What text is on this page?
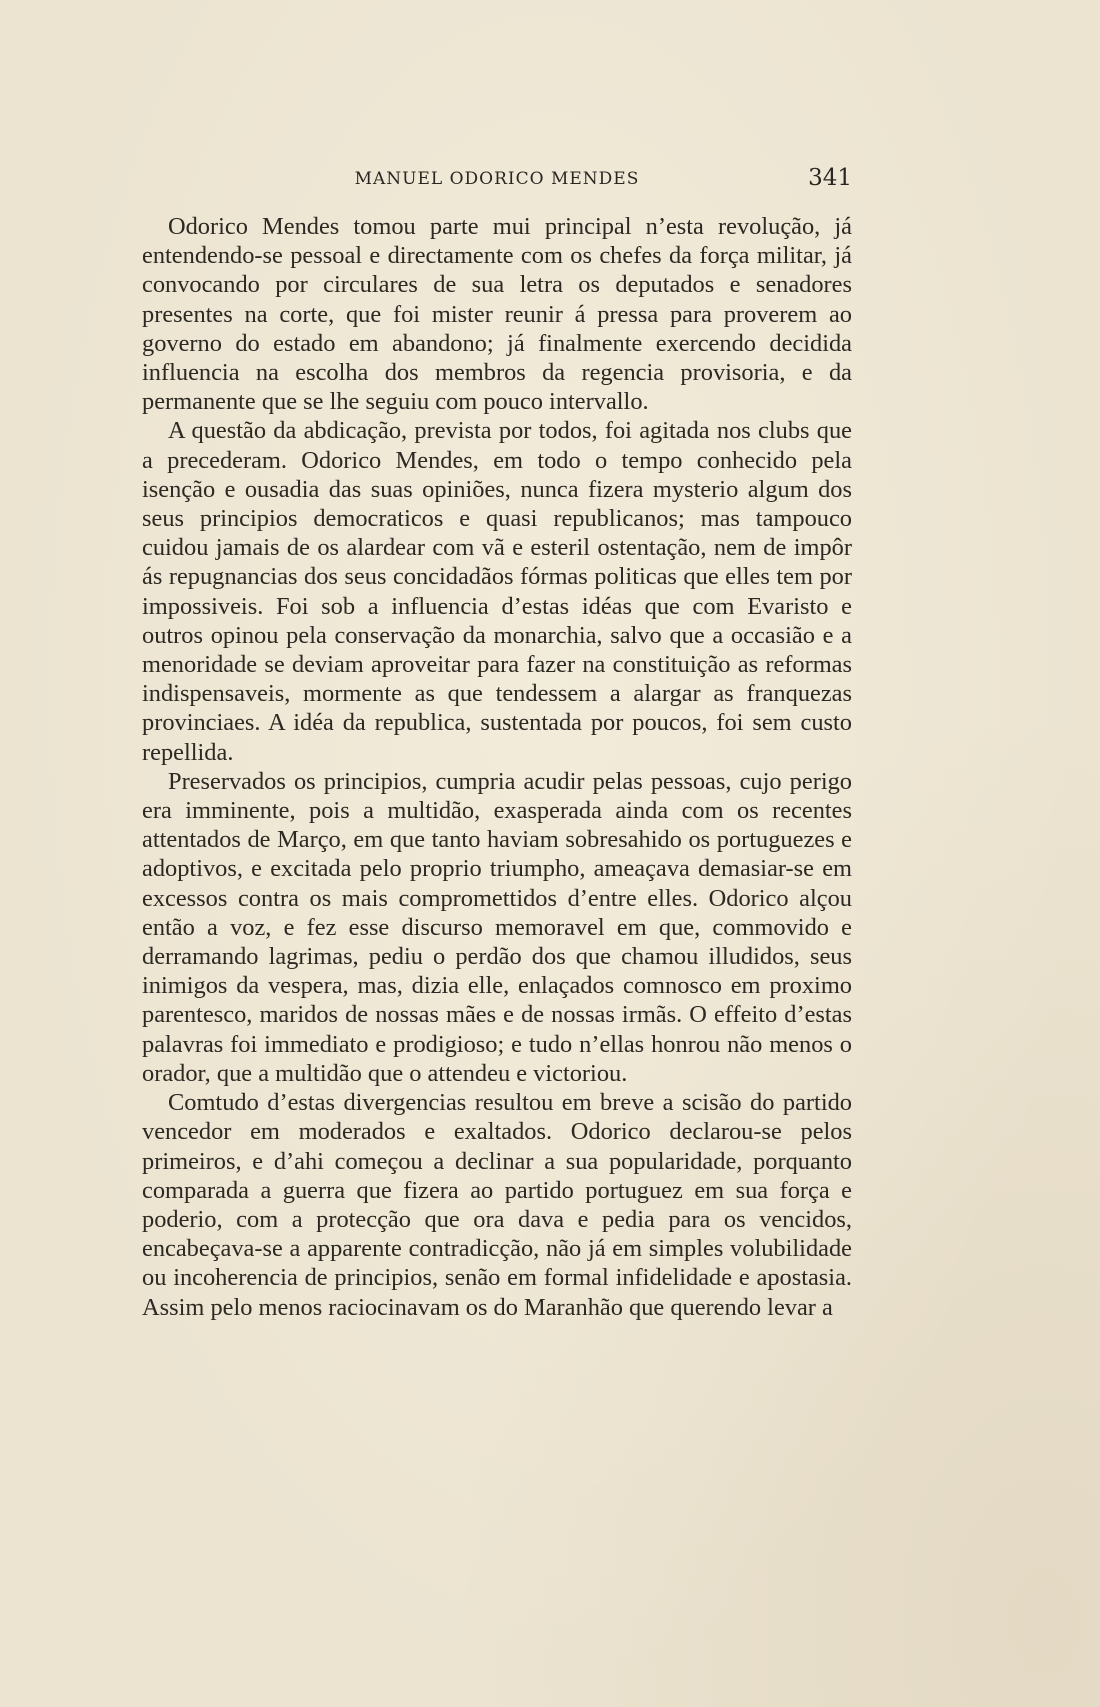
MANUEL ODORICO MENDES	341

Odorico Mendes tomou parte mui principal n’esta revolução, já entendendo-se pessoal e directamente com os chefes da força militar, já convocando por circulares de sua letra os deputados e senadores presentes na corte, que foi mister reunir á pressa para proverem ao governo do estado em abandono; já finalmente exercendo decidida influencia na escolha dos membros da regencia provisoria, e da permanente que se lhe seguiu com pouco intervallo.

A questão da abdicação, prevista por todos, foi agitada nos clubs que a precederam. Odorico Mendes, em todo o tempo conhecido pela isenção e ousadia das suas opiniões, nunca fizera mysterio algum dos seus principios democraticos e quasi republicanos; mas tampouco cuidou jamais de os alardear com vã e esteril ostentação, nem de impôr ás repugnancias dos seus concidadãos fórmas politicas que elles tem por impossiveis. Foi sob a influencia d’estas idéas que com Evaristo e outros opinou pela conservação da monarchia, salvo que a occasião e a menoridade se deviam aproveitar para fazer na constituição as reformas indispensaveis, mormente as que tendessem a alargar as franquezas provinciaes. A idéa da republica, sustentada por poucos, foi sem custo repellida.

Preservados os principios, cumpria acudir pelas pessoas, cujo perigo era imminente, pois a multidão, exasperada ainda com os recentes attentados de Março, em que tanto haviam sobresahido os portuguezes e adoptivos, e excitada pelo proprio triumpho, ameaçava demasiar-se em excessos contra os mais compromettidos d’entre elles. Odorico alçou então a voz, e fez esse discurso memoravel em que, commovido e derramando lagrimas, pediu o perdão dos que chamou illudidos, seus inimigos da vespera, mas, dizia elle, enlaçados comnosco em proximo parentesco, maridos de nossas mães e de nossas irmãs. O effeito d’estas palavras foi immediato e prodigioso; e tudo n’ellas honrou não menos o orador, que a multidão que o attendeu e victoriou.

Comtudo d’estas divergencias resultou em breve a scisão do partido vencedor em moderados e exaltados. Odorico declarou-se pelos primeiros, e d’ahi começou a declinar a sua popularidade, porquanto comparada a guerra que fizera ao partido portuguez em sua força e poderio, com a protecção que ora dava e pedia para os vencidos, encabeçava-se a apparente contradicção, não já em simples volubilidade ou incoherencia de principios, senão em formal infidelidade e apostasia. Assim pelo menos raciocinavam os do Maranhão que querendo levar a
